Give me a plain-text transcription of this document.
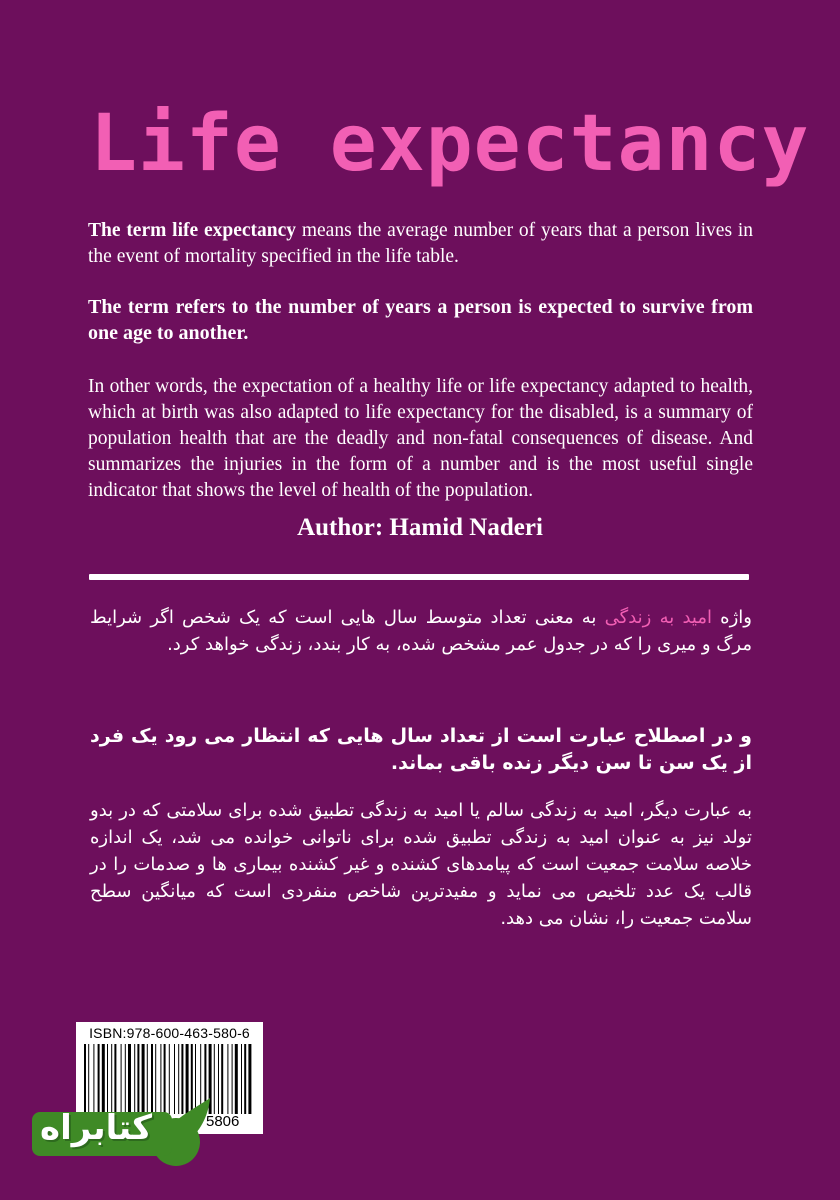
Life expectancy
The term life expectancy means the average number of years that a person lives in the event of mortality specified in the life table.
The term refers to the number of years a person is expected to survive from one age to another.
In other words, the expectation of a healthy life or life expectancy adapted to health, which at birth was also adapted to life expectancy for the disabled, is a summary of population health that are the deadly and non-fatal consequences of disease. And summarizes the injuries in the form of a number and is the most useful single indicator that shows the level of health of the population.
Author: Hamid Naderi
واژه امید به زندگی به معنی تعداد متوسط سال هایی است که یک شخص اگر شرایط مرگ و میری را که در جدول عمر مشخص شده، به کار بندد، زندگی خواهد کرد.
و در اصطلاح عبارت است از تعداد سال هایی که انتظار می رود یک فرد از یک سن تا سن دیگر زنده باقی بماند.
به عبارت دیگر، امید به زندگی سالم یا امید به زندگی تطبیق شده برای سلامتی که در بدو تولد نیز به عنوان امید به زندگی تطبیق شده برای ناتوانی خوانده می شد، یک اندازه خلاصه سلامت جمعیت است که پیامدهای کشنده و غیر کشنده بیماری ها و صدمات را در قالب یک عدد تلخیص می نماید و مفیدترین شاخص منفردی است که میانگین سطح سلامت جمعیت را، نشان می دهد.
ISBN:978-600-463-580-6
5806
کتابراه
